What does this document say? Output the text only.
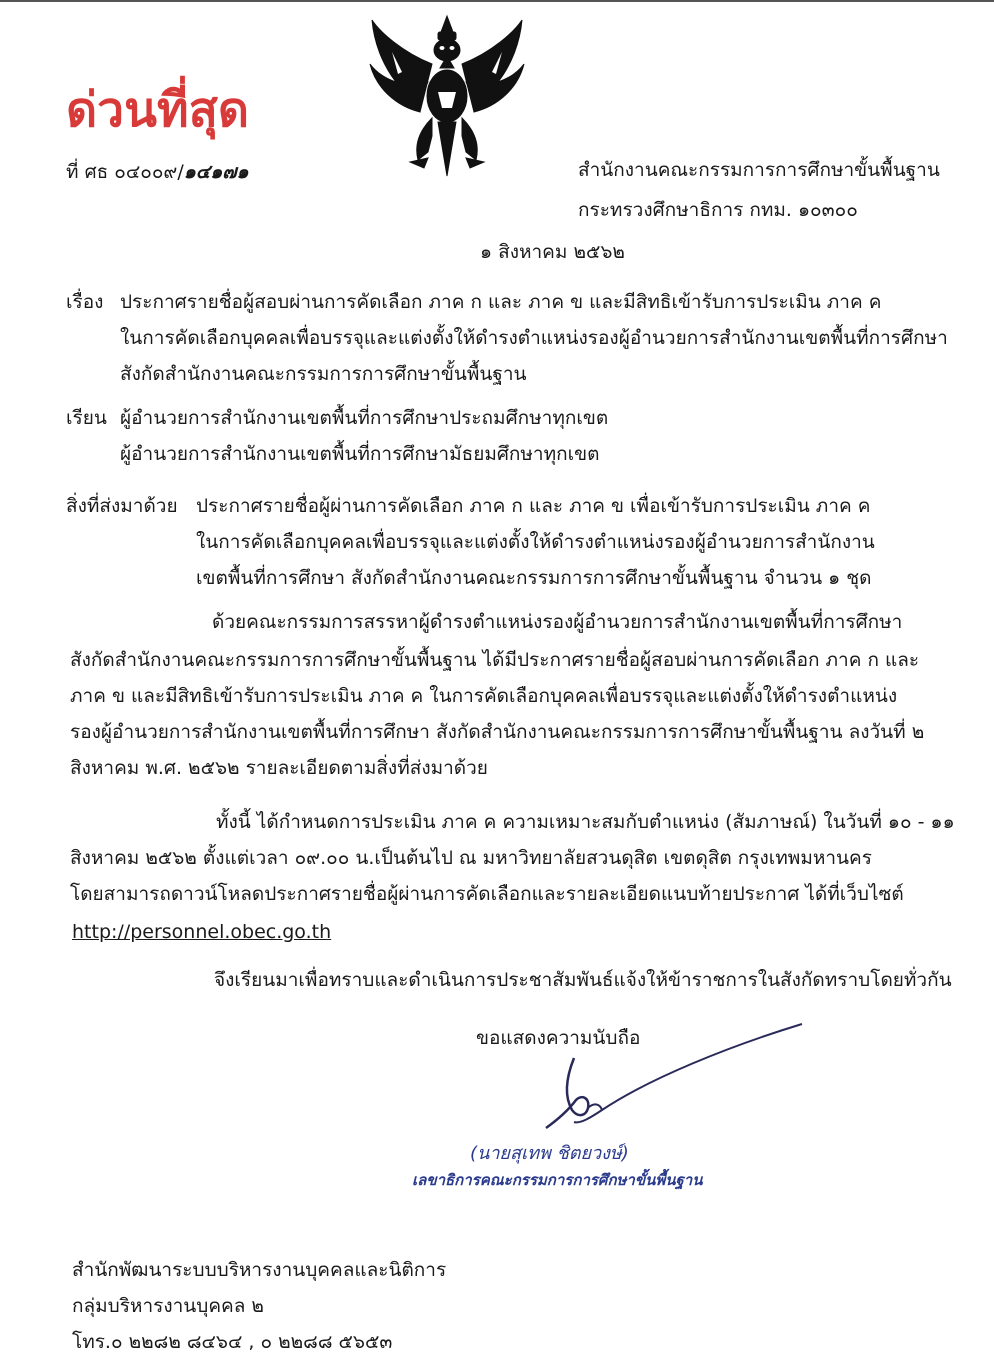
ด่วนที่สุด
ที่ ศธ ๐๔๐๐๙/๑๔๑๗๑	สำนักงานคณะกรรมการการศึกษาขั้นพื้นฐาน
กระทรวงศึกษาธิการ กทม. ๑๐๓๐๐
๑ สิงหาคม ๒๕๖๒
เรื่อง ประกาศรายชื่อผู้สอบผ่านการคัดเลือก ภาค ก และ ภาค ข และมีสิทธิเข้ารับการประเมิน ภาค ค
ในการคัดเลือกบุคคลเพื่อบรรจุและแต่งตั้งให้ดำรงตำแหน่งรองผู้อำนวยการสำนักงานเขตพื้นที่การศึกษา
สังกัดสำนักงานคณะกรรมการการศึกษาขั้นพื้นฐาน
เรียน ผู้อำนวยการสำนักงานเขตพื้นที่การศึกษาประถมศึกษาทุกเขต
ผู้อำนวยการสำนักงานเขตพื้นที่การศึกษามัธยมศึกษาทุกเขต
สิ่งที่ส่งมาด้วย ประกาศรายชื่อผู้ผ่านการคัดเลือก ภาค ก และ ภาค ข เพื่อเข้ารับการประเมิน ภาค ค
ในการคัดเลือกบุคคลเพื่อบรรจุและแต่งตั้งให้ดำรงตำแหน่งรองผู้อำนวยการสำนักงาน
เขตพื้นที่การศึกษา สังกัดสำนักงานคณะกรรมการการศึกษาขั้นพื้นฐาน จำนวน ๑ ชุด
ด้วยคณะกรรมการสรรหาผู้ดำรงตำแหน่งรองผู้อำนวยการสำนักงานเขตพื้นที่การศึกษา
สังกัดสำนักงานคณะกรรมการการศึกษาขั้นพื้นฐาน ได้มีประกาศรายชื่อผู้สอบผ่านการคัดเลือก ภาค ก และ
ภาค ข และมีสิทธิเข้ารับการประเมิน ภาค ค ในการคัดเลือกบุคคลเพื่อบรรจุและแต่งตั้งให้ดำรงตำแหน่ง
รองผู้อำนวยการสำนักงานเขตพื้นที่การศึกษา สังกัดสำนักงานคณะกรรมการการศึกษาขั้นพื้นฐาน ลงวันที่ ๒
สิงหาคม พ.ศ. ๒๕๖๒ รายละเอียดตามสิ่งที่ส่งมาด้วย
ทั้งนี้ ได้กำหนดการประเมิน ภาค ค ความเหมาะสมกับตำแหน่ง (สัมภาษณ์) ในวันที่ ๑๐ - ๑๑
สิงหาคม ๒๕๖๒ ตั้งแต่เวลา ๐๙.๐๐ น.เป็นต้นไป ณ มหาวิทยาลัยสวนดุสิต เขตดุสิต กรุงเทพมหานคร
โดยสามารถดาวน์โหลดประกาศรายชื่อผู้ผ่านการคัดเลือกและรายละเอียดแนบท้ายประกาศ ได้ที่เว็บไซต์
http://personnel.obec.go.th
จึงเรียนมาเพื่อทราบและดำเนินการประชาสัมพันธ์แจ้งให้ข้าราชการในสังกัดทราบโดยทั่วกัน
ขอแสดงความนับถือ
(นายสุเทพ ชิตยวงษ์)
เลขาธิการคณะกรรมการการศึกษาขั้นพื้นฐาน
สำนักพัฒนาระบบบริหารงานบุคคลและนิติการ
กลุ่มบริหารงานบุคคล ๒
โทร.๐ ๒๒๘๒ ๘๔๖๔ , ๐ ๒๒๘๘ ๕๖๕๓
